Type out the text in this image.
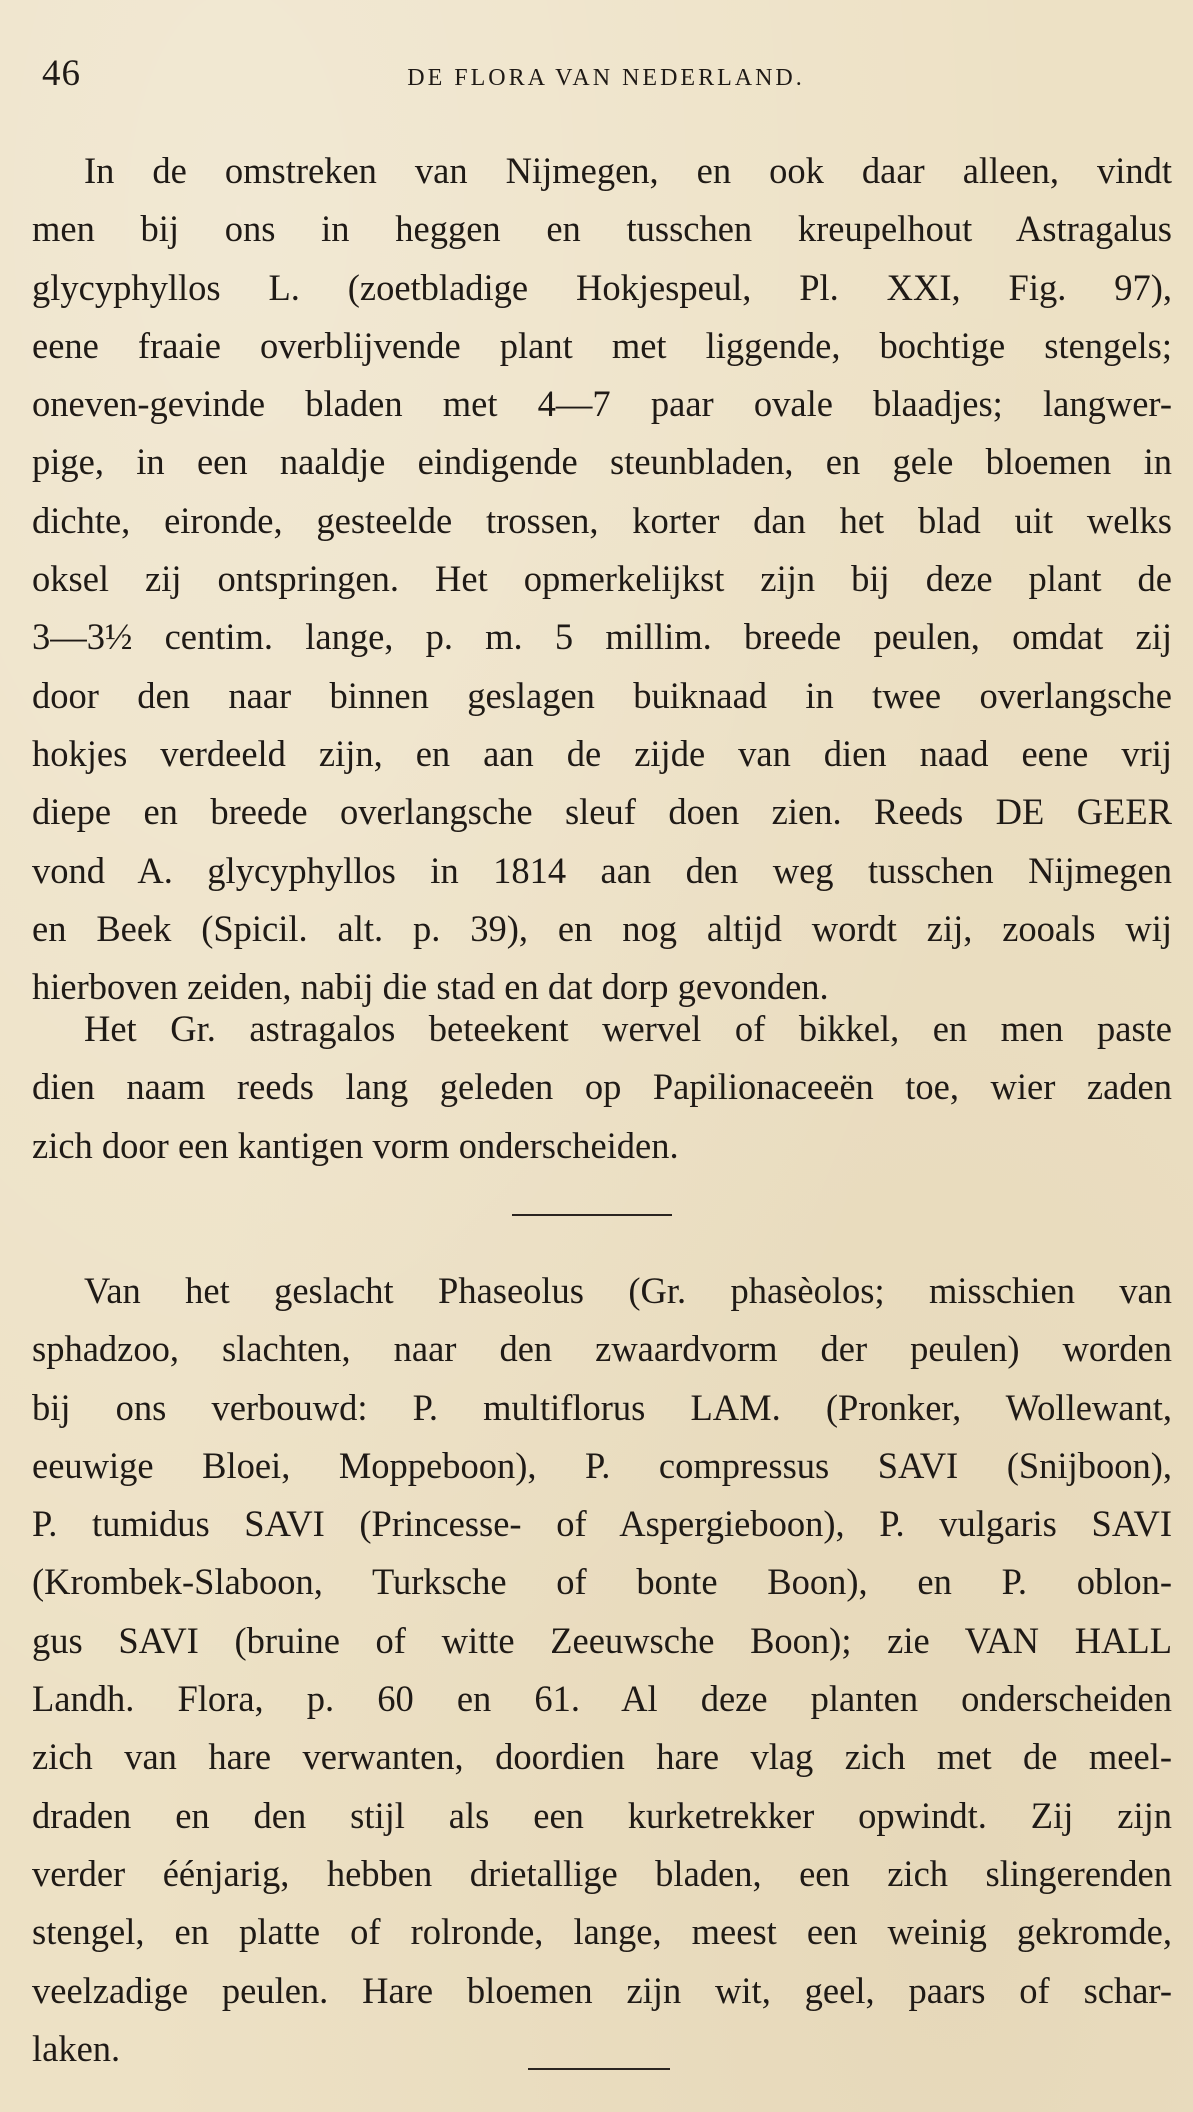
46	DE FLORA VAN NEDERLAND.
In de omstreken van Nijmegen, en ook daar alleen, vindt
men bij ons in heggen en tusschen kreupelhout Astragalus
glycyphyllos L. (zoetbladige Hokjespeul, Pl. XXI, Fig. 97),
eene fraaie overblijvende plant met liggende, bochtige stengels;
oneven-gevinde bladen met 4—7 paar ovale blaadjes; langwer-
pige, in een naaldje eindigende steunbladen, en gele bloemen in
dichte, eironde, gesteelde trossen, korter dan het blad uit welks
oksel zij ontspringen. Het opmerkelijkst zijn bij deze plant de
3—3½ centim. lange, p. m. 5 millim. breede peulen, omdat zij
door den naar binnen geslagen buiknaad in twee overlangsche
hokjes verdeeld zijn, en aan de zijde van dien naad eene vrij
diepe en breede overlangsche sleuf doen zien. Reeds DE GEER
vond A. glycyphyllos in 1814 aan den weg tusschen Nijmegen
en Beek (Spicil. alt. p. 39), en nog altijd wordt zij, zooals wij
hierboven zeiden, nabij die stad en dat dorp gevonden.
Het Gr. astragalos beteekent wervel of bikkel, en men paste
dien naam reeds lang geleden op Papilionaceeën toe, wier zaden
zich door een kantigen vorm onderscheiden.
Van het geslacht Phaseolus (Gr. phasèolos; misschien van
sphadzoo, slachten, naar den zwaardvorm der peulen) worden
bij ons verbouwd: P. multiflorus LAM. (Pronker, Wollewant,
eeuwige Bloei, Moppeboon), P. compressus SAVI (Snijboon),
P. tumidus SAVI (Princesse- of Aspergieboon), P. vulgaris SAVI
(Krombek-Slaboon, Turksche of bonte Boon), en P. oblon-
gus SAVI (bruine of witte Zeeuwsche Boon); zie VAN HALL
Landh. Flora, p. 60 en 61. Al deze planten onderscheiden
zich van hare verwanten, doordien hare vlag zich met de meel-
draden en den stijl als een kurketrekker opwindt. Zij zijn
verder éénjarig, hebben drietallige bladen, een zich slingerenden
stengel, en platte of rolronde, lange, meest een weinig gekromde,
veelzadige peulen. Hare bloemen zijn wit, geel, paars of schar-
laken.
